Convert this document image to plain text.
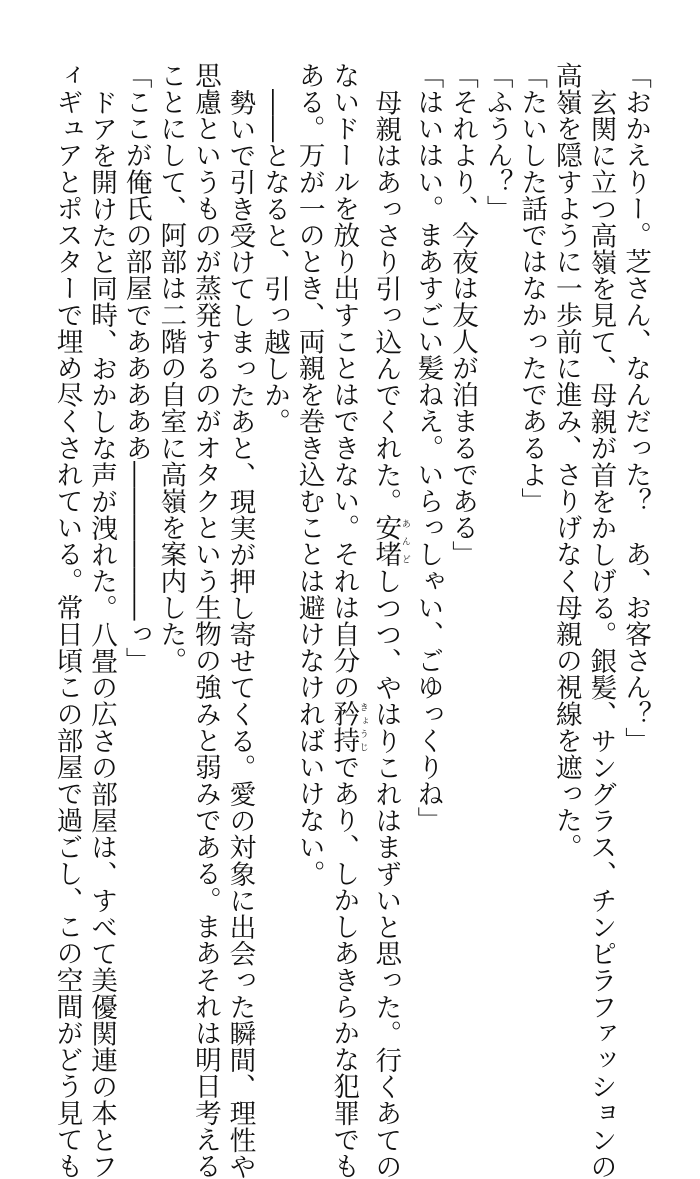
「おかえりー。芝さん、なんだった？　あ、お客さん？」
玄関に立つ高嶺を見て、母親が首をかしげる。銀髪、サングラス、チンピラファッションの
高嶺を隠すように一歩前に進み、さりげなく母親の視線を遮った。
「たいした話ではなかったであるよ」
「ふうん？」
「それより、今夜は友人が泊まるである」
「はいはい。まあすごい髪ねえ。いらっしゃい、ごゆっくりね」
母親はあっさり引っ込んでくれた。安堵あんどしつつ、やはりこれはまずいと思った。行くあての
ないドールを放り出すことはできない。それは自分の矜持きょうじであり、しかしあきらかな犯罪でも
ある。万が一のとき、両親を巻き込むことは避けなければいけない。
――となると、引っ越しか。
勢いで引き受けてしまったあと、現実が押し寄せてくる。愛の対象に出会った瞬間、理性や
思慮というものが蒸発するのがオタクという生物の強みと弱みである。まあそれは明日考える
ことにして、阿部は二階の自室に高嶺を案内した。
「ここが俺氏の部屋であああああ――――――っ」
ドアを開けたと同時、おかしな声が洩れた。八畳の広さの部屋は、すべて美優関連の本とフ
ィギュアとポスターで埋め尽くされている。常日頃この部屋で過ごし、この空間がどう見ても
